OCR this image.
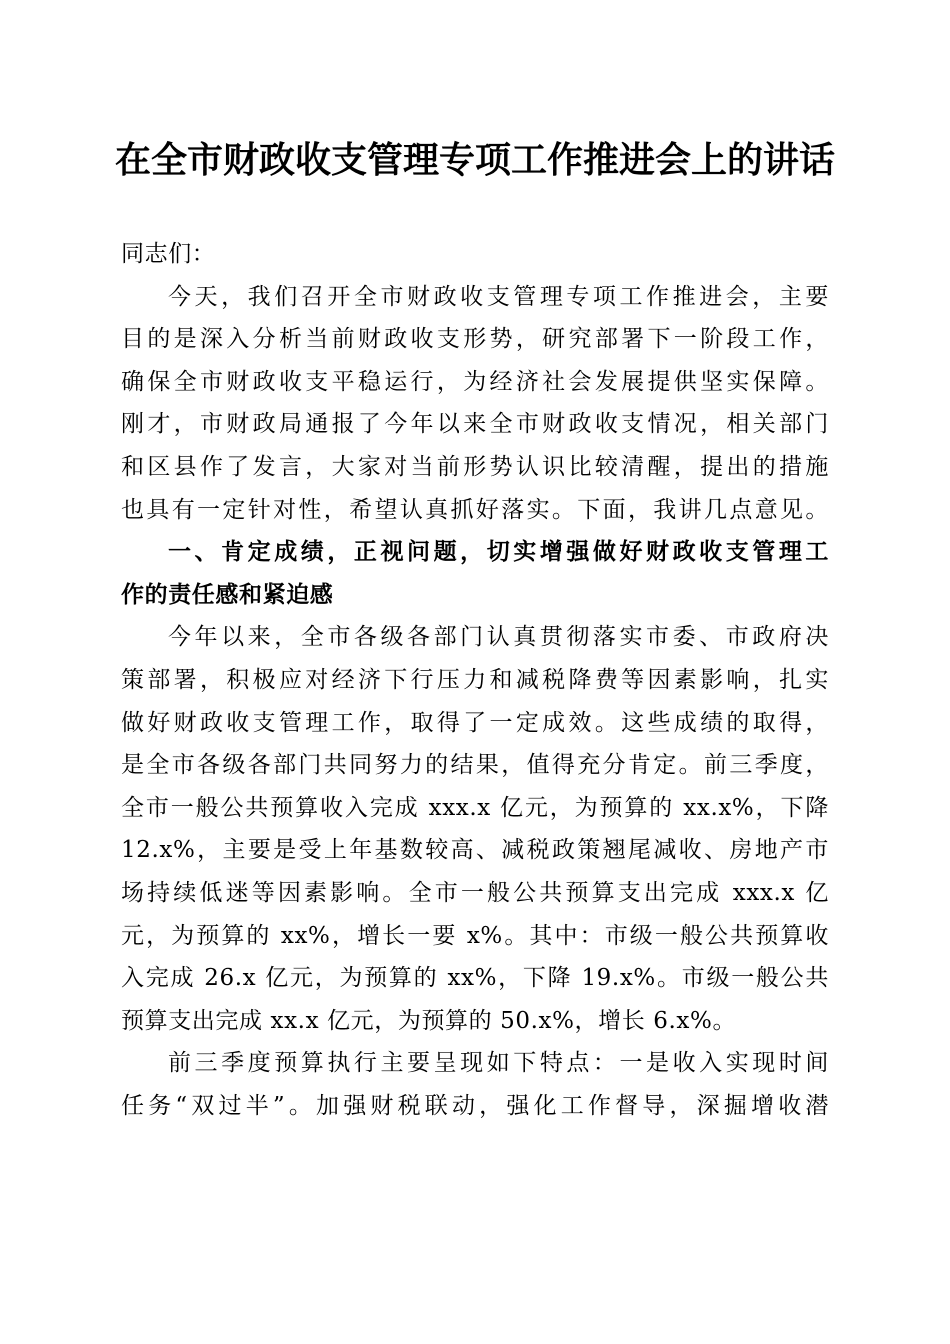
在全市财政收支管理专项工作推进会上的讲话
同志们：
今天，我们召开全市财政收支管理专项工作推进会，主要
目的是深入分析当前财政收支形势，研究部署下一阶段工作，
确保全市财政收支平稳运行，为经济社会发展提供坚实保障。
刚才，市财政局通报了今年以来全市财政收支情况，相关部门
和区县作了发言，大家对当前形势认识比较清醒，提出的措施
也具有一定针对性，希望认真抓好落实。下面，我讲几点意见。
一、肯定成绩，正视问题，切实增强做好财政收支管理工
作的责任感和紧迫感
今年以来，全市各级各部门认真贯彻落实市委、市政府决
策部署，积极应对经济下行压力和减税降费等因素影响，扎实
做好财政收支管理工作，取得了一定成效。这些成绩的取得，
是全市各级各部门共同努力的结果，值得充分肯定。前三季度，
全市一般公共预算收入完成 xxx.x 亿元，为预算的 xx.x%，下降
12.x%，主要是受上年基数较高、减税政策翘尾减收、房地产市
场持续低迷等因素影响。全市一般公共预算支出完成 xxx.x 亿
元，为预算的 xx%，增长一要 x%。其中：市级一般公共预算收
入完成 26.x 亿元，为预算的 xx%，下降 19.x%。市级一般公共
预算支出完成 xx.x 亿元，为预算的 50.x%，增长 6.x%。
前三季度预算执行主要呈现如下特点：一是收入实现时间
任务“双过半”。加强财税联动，强化工作督导，深掘增收潜
